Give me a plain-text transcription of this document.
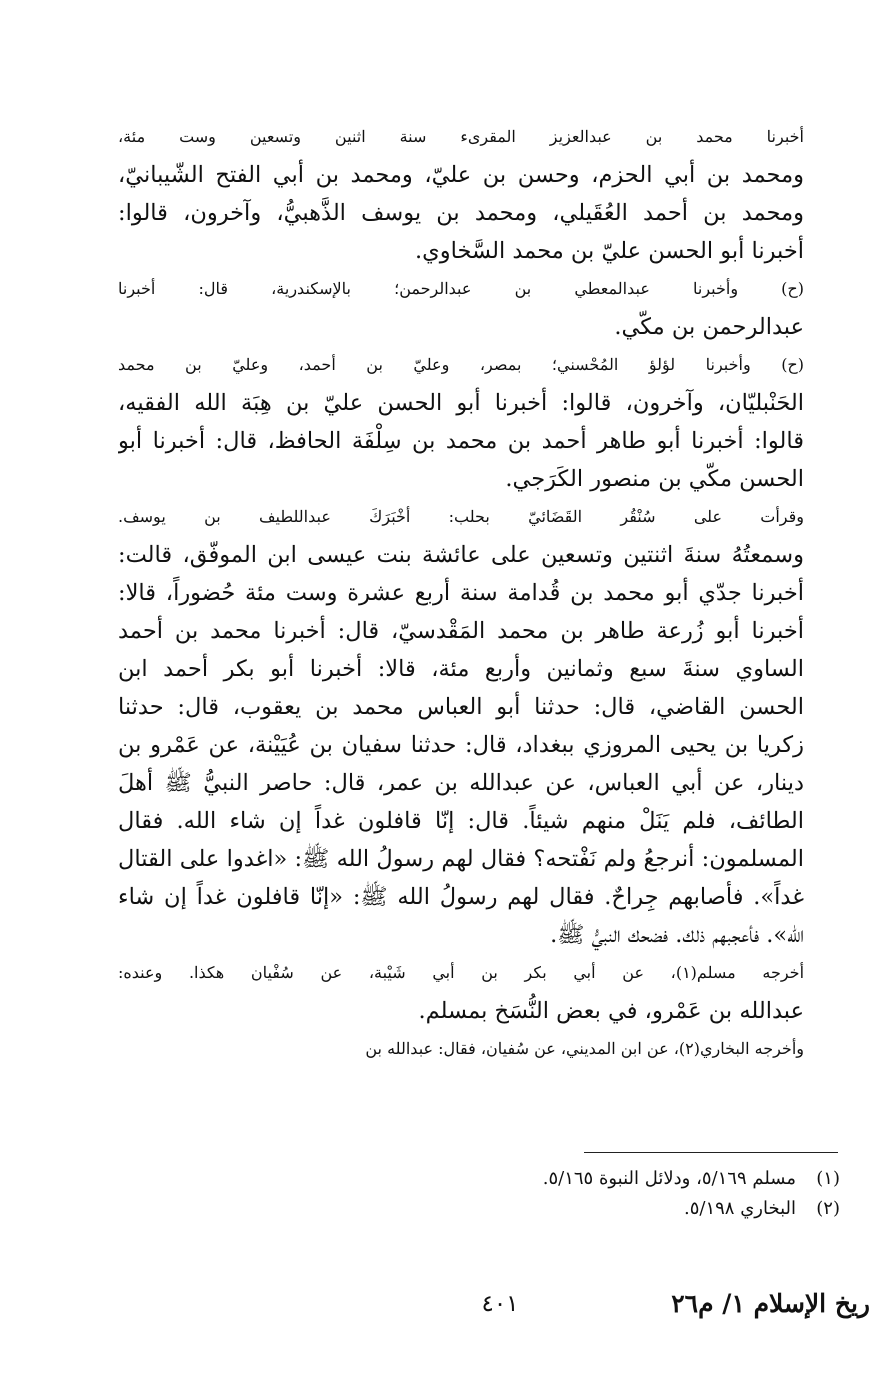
أخبرنا محمد بن عبدالعزيز المقرىء سنة اثنين وتسعين وست مئة،
ومحمد بن أبي الحزم، وحسن بن عليّ، ومحمد بن أبي الفتح الشّيبانيّ،
ومحمد بن أحمد العُقَيلي، ومحمد بن يوسف الذَّهبيُّ، وآخرون، قالوا:
أخبرنا أبو الحسن عليّ بن محمد السَّخاوي.
(ح) وأخبرنا عبدالمعطي بن عبدالرحمن؛ بالإسكندرية، قال: أخبرنا
عبدالرحمن بن مكّي.
(ح) وأخبرنا لؤلؤ المُحْسني؛ بمصر، وعليّ بن أحمد، وعليّ بن محمد
الحَنْبليّان، وآخرون، قالوا: أخبرنا أبو الحسن عليّ بن هِبَة الله الفقيه،
قالوا: أخبرنا أبو طاهر أحمد بن محمد بن سِلْفَة الحافظ، قال: أخبرنا أبو
الحسن مكّي بن منصور الكَرَجي.
وقرأت على سُنْقُر القَضَائيّ بحلب: أخْبَرَكَ عبداللطيف بن يوسف.
وسمعتُهُ سنةَ اثنتين وتسعين على عائشة بنت عيسى ابن الموفّق، قالت:
أخبرنا جدّي أبو محمد بن قُدامة سنة أربع عشرة وست مئة حُضوراً، قالا:
أخبرنا أبو زُرعة طاهر بن محمد المَقْدسيّ، قال: أخبرنا محمد بن أحمد
الساوي سنةَ سبع وثمانين وأربع مئة، قالا: أخبرنا أبو بكر أحمد ابن
الحسن القاضي، قال: حدثنا أبو العباس محمد بن يعقوب، قال: حدثنا
زكريا بن يحيى المروزي ببغداد، قال: حدثنا سفيان بن عُيَيْنة، عن عَمْرو بن
دينار، عن أبي العباس، عن عبدالله بن عمر، قال: حاصر النبيُّ ﷺ أهلَ
الطائف، فلم يَنَلْ منهم شيئاً. قال: إنّا قافلون غداً إن شاء الله. فقال
المسلمون: أنرجعُ ولم نَفْتحه؟ فقال لهم رسولُ الله ﷺ: «اغدوا على القتال
غداً». فأصابهم جِراحٌ. فقال لهم رسولُ الله ﷺ: «إنّا قافلون غداً إن شاء
الله». فأعجبهم ذلك. فضحك النبيُّ ﷺ.
أخرجه مسلم(١)، عن أبي بكر بن أبي شَيْبة، عن سُفْيان هكذا. وعنده:
عبدالله بن عَمْرو، في بعض النُّسَخ بمسلم.
وأخرجه البخاري(٢)، عن ابن المديني، عن سُفيان، فقال: عبدالله بن
(١)مسلم ٥/١٦٩، ودلائل النبوة ٥/١٦٥.
(٢)البخاري ٥/١٩٨.
ريخ الإسلام ١/ م٢٦
٤٠١
